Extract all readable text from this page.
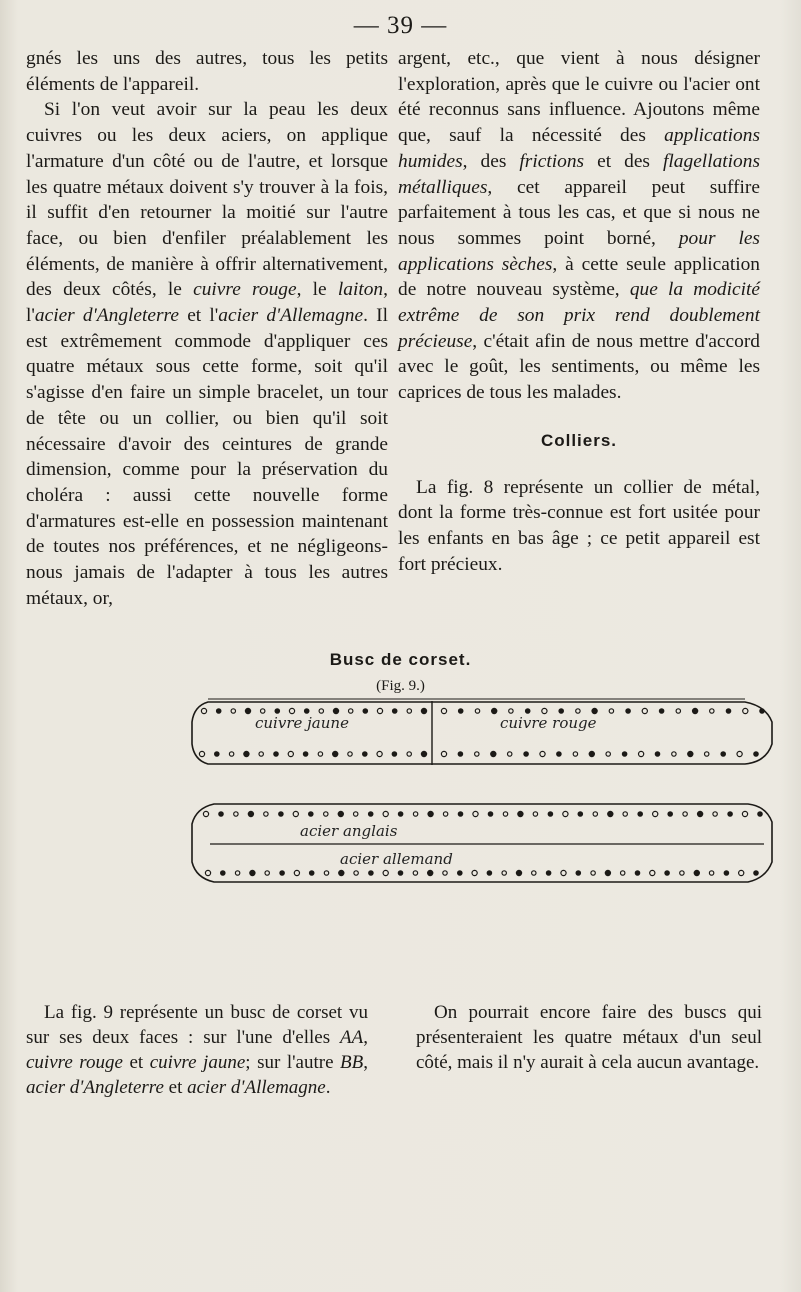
— 39 —

gnés les uns des autres, tous les petits éléments de l'appareil.

Si l'on veut avoir sur la peau les deux cuivres ou les deux aciers, on applique l'armature d'un côté ou de l'autre, et lorsque les quatre métaux doivent s'y trouver à la fois, il suffit d'en retourner la moitié sur l'autre face, ou bien d'enfiler préalablement les éléments, de manière à offrir alternativement, des deux côtés, le cuivre rouge, le laiton, l'acier d'Angleterre et l'acier d'Allemagne. Il est extrêmement commode d'appliquer ces quatre métaux sous cette forme, soit qu'il s'agisse d'en faire un simple bracelet, un tour de tête ou un collier, ou bien qu'il soit nécessaire d'avoir des ceintures de grande dimension, comme pour la préservation du choléra : aussi cette nouvelle forme d'armatures est-elle en possession maintenant de toutes nos préférences, et ne négligeons-nous jamais de l'adapter à tous les autres métaux, or,

argent, etc., que vient à nous désigner l'exploration, après que le cuivre ou l'acier ont été reconnus sans influence. Ajoutons même que, sauf la nécessité des applications humides, des frictions et des flagellations métalliques, cet appareil peut suffire parfaitement à tous les cas, et que si nous ne nous sommes point borné, pour les applications sèches, à cette seule application de notre nouveau système, que la modicité extrême de son prix rend doublement précieuse, c'était afin de nous mettre d'accord avec le goût, les sentiments, ou même les caprices de tous les malades.

Colliers.

La fig. 8 représente un collier de métal, dont la forme très-connue est fort usitée pour les enfants en bas âge ; ce petit appareil est fort précieux.

Busc de corset.
(Fig. 9.)
cuivre jaune	cuivre rouge
acier anglais
acier allemand

La fig. 9 représente un busc de corset vu sur ses deux faces : sur l'une d'elles AA, cuivre rouge et cuivre jaune; sur l'autre BB, acier d'Angleterre et acier d'Allemagne.

On pourrait encore faire des buscs qui présenteraient les quatre métaux d'un seul côté, mais il n'y aurait à cela aucun avantage.
